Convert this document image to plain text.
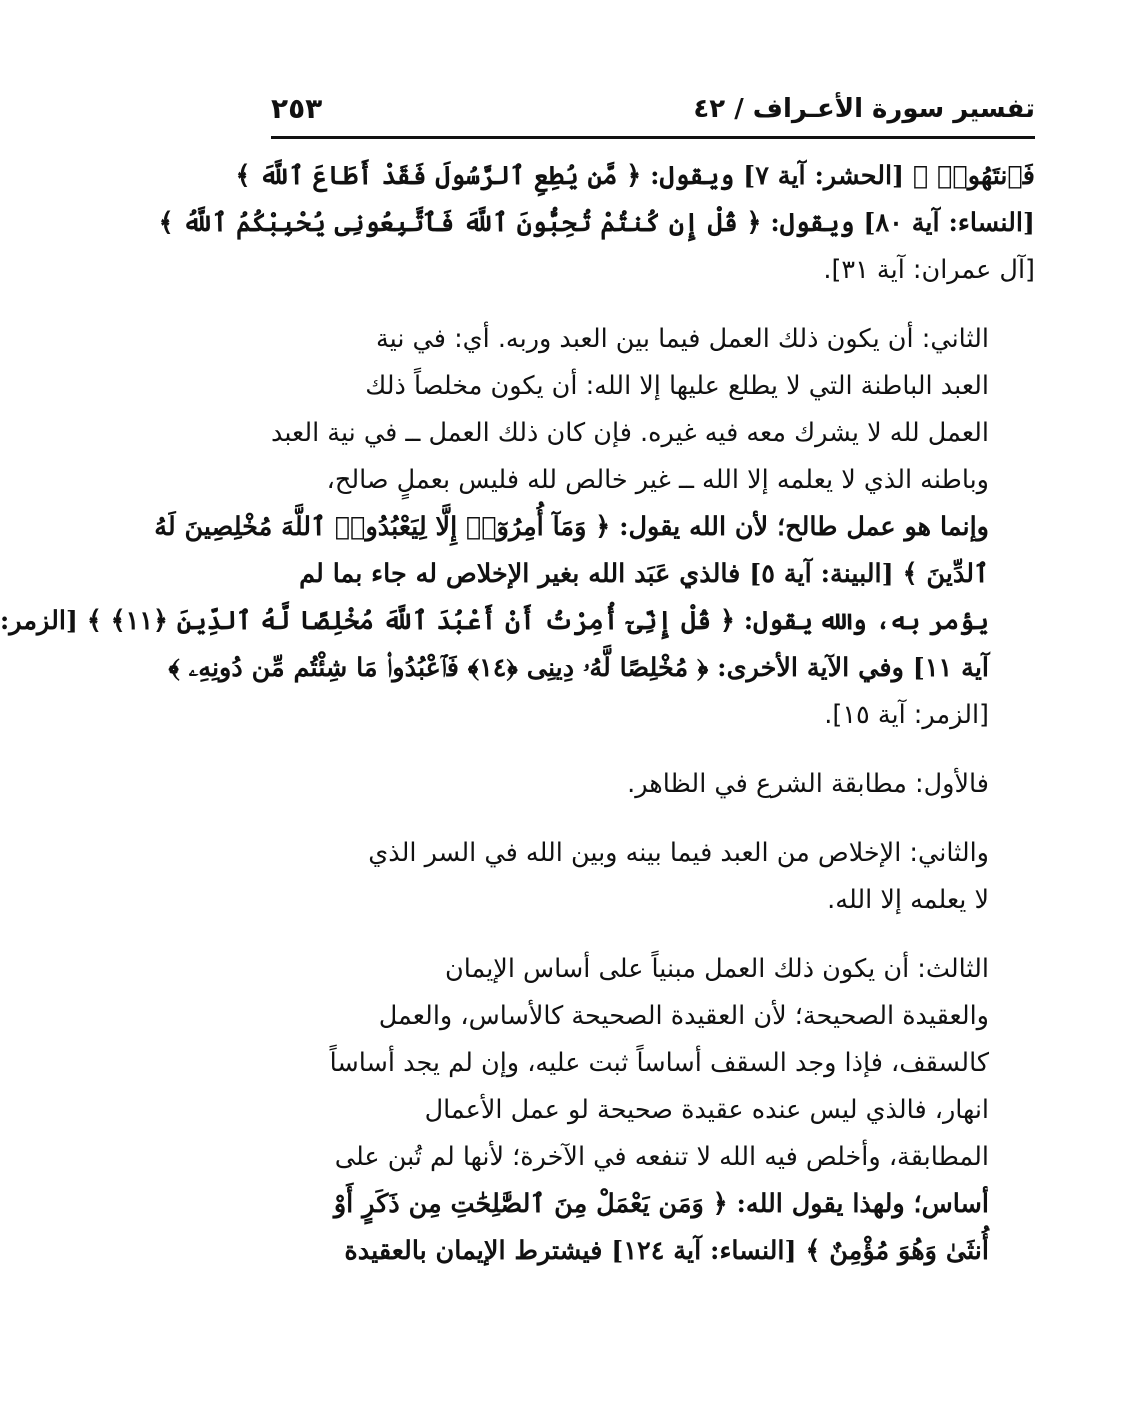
تفسير سورة الأعـراف / ٤٢
٢٥٣

فَٱنتَهُوا۟ ﴾ [الحشر: آية ٧] ويقول: ﴿ مَّن يُطِعِ ٱلرَّسُولَ فَقَدْ أَطَاعَ ٱللَّهَ ﴾
[النساء: آية ٨٠] ويقول: ﴿ قُلْ إِن كُنتُمْ تُحِبُّونَ ٱللَّهَ فَٱتَّبِعُونِى يُحْبِبْكُمُ ٱللَّهُ ﴾
[آل عمران: آية ٣١].

الثاني: أن يكون ذلك العمل فيما بين العبد وربه. أي: في نية
العبد الباطنة التي لا يطلع عليها إلا الله: أن يكون مخلصاً ذلك
العمل لله لا يشرك معه فيه غيره. فإن كان ذلك العمل ــ في نية العبد
وباطنه الذي لا يعلمه إلا الله ــ غير خالص لله فليس بعملٍ صالح،
وإنما هو عمل طالح؛ لأن الله يقول: ﴿ وَمَآ أُمِرُوٓا۟ إِلَّا لِيَعْبُدُوا۟ ٱللَّهَ مُخْلِصِينَ لَهُ
ٱلدِّينَ ﴾ [البينة: آية ٥] فالذي عَبَد الله بغير الإخلاص له جاء بما لم
يؤمر به، والله يقول: ﴿ قُلْ إِنِّىٓ أُمِرْتُ أَنْ أَعْبُدَ ٱللَّهَ مُخْلِصًا لَّهُ ٱلدِّينَ ﴿١١﴾ ﴾ [الزمر:
آية ١١] وفي الآية الأخرى: ﴿ مُخْلِصًا لَّهُۥ دِينِى ﴿١٤﴾ فَٱعْبُدُوا۟ مَا شِئْتُم مِّن دُونِهِۦ ﴾
[الزمر: آية ١٥].

فالأول: مطابقة الشرع في الظاهر.

والثاني: الإخلاص من العبد فيما بينه وبين الله في السر الذي
لا يعلمه إلا الله.

الثالث: أن يكون ذلك العمل مبنياً على أساس الإيمان
والعقيدة الصحيحة؛ لأن العقيدة الصحيحة كالأساس، والعمل
كالسقف، فإذا وجد السقف أساساً ثبت عليه، وإن لم يجد أساساً
انهار، فالذي ليس عنده عقيدة صحيحة لو عمل الأعمال
المطابقة، وأخلص فيه الله لا تنفعه في الآخرة؛ لأنها لم تُبن على
أساس؛ ولهذا يقول الله: ﴿ وَمَن يَعْمَلْ مِنَ ٱلصَّٰلِحَٰتِ مِن ذَكَرٍ أَوْ
أُنثَىٰ وَهُوَ مُؤْمِنٌ ﴾ [النساء: آية ١٢٤] فيشترط الإيمان بالعقيدة
